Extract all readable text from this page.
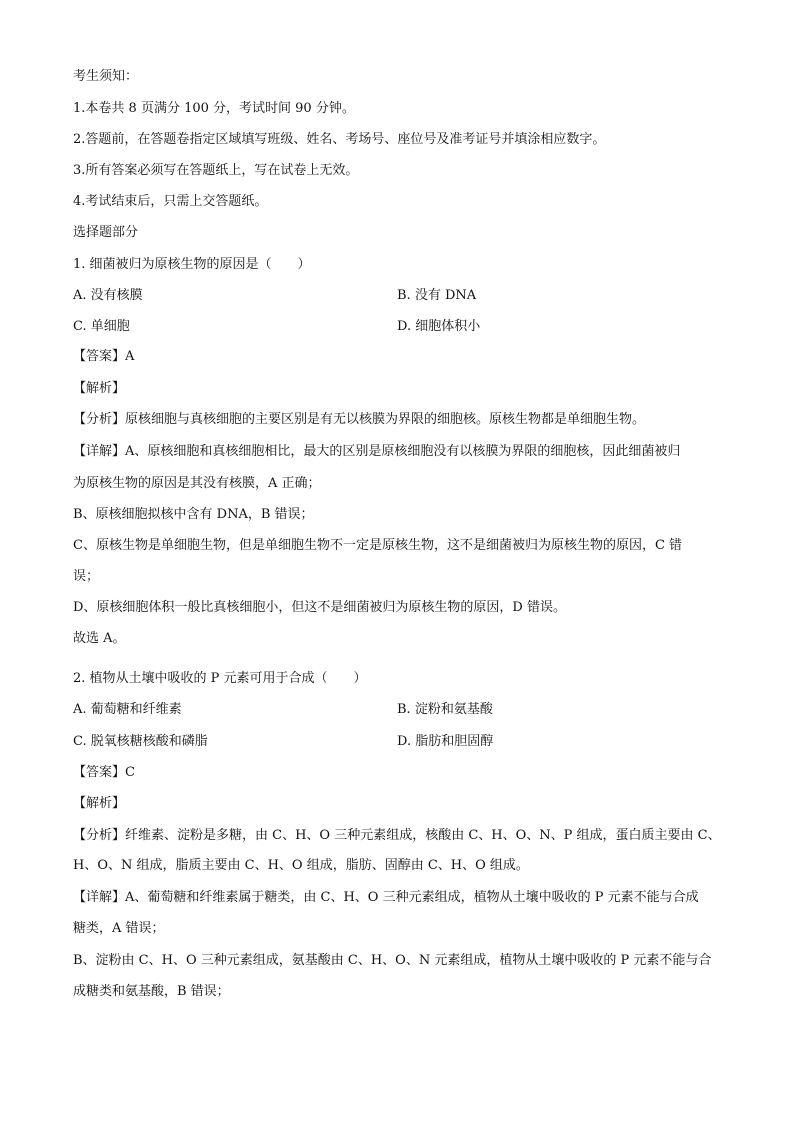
考生须知：
1.本卷共 8 页满分 100 分，考试时间 90 分钟。
2.答题前，在答题卷指定区域填写班级、姓名、考场号、座位号及准考证号并填涂相应数字。
3.所有答案必须写在答题纸上，写在试卷上无效。
4.考试结束后，只需上交答题纸。
选择题部分
1. 细菌被归为原核生物的原因是（　　）
A. 没有核膜	B. 没有 DNA
C. 单细胞	D. 细胞体积小
【答案】A
【解析】
【分析】原核细胞与真核细胞的主要区别是有无以核膜为界限的细胞核。原核生物都是单细胞生物。
【详解】A、原核细胞和真核细胞相比，最大的区别是原核细胞没有以核膜为界限的细胞核，因此细菌被归
为原核生物的原因是其没有核膜，A 正确；
B、原核细胞拟核中含有 DNA，B 错误；
C、原核生物是单细胞生物，但是单细胞生物不一定是原核生物，这不是细菌被归为原核生物的原因，C 错
误；
D、原核细胞体积一般比真核细胞小，但这不是细菌被归为原核生物的原因，D 错误。
故选 A。
2. 植物从土壤中吸收的 P 元素可用于合成（　　）
A. 葡萄糖和纤维素	B. 淀粉和氨基酸
C. 脱氧核糖核酸和磷脂	D. 脂肪和胆固醇
【答案】C
【解析】
【分析】纤维素、淀粉是多糖，由 C、H、O 三种元素组成，核酸由 C、H、O、N、P 组成，蛋白质主要由 C、
H、O、N 组成，脂质主要由 C、H、O 组成，脂肪、固醇由 C、H、O 组成。
【详解】A、葡萄糖和纤维素属于糖类，由 C、H、O 三种元素组成，植物从土壤中吸收的 P 元素不能与合成
糖类，A 错误；
B、淀粉由 C、H、O 三种元素组成，氨基酸由 C、H、O、N 元素组成，植物从土壤中吸收的 P 元素不能与合
成糖类和氨基酸，B 错误；
